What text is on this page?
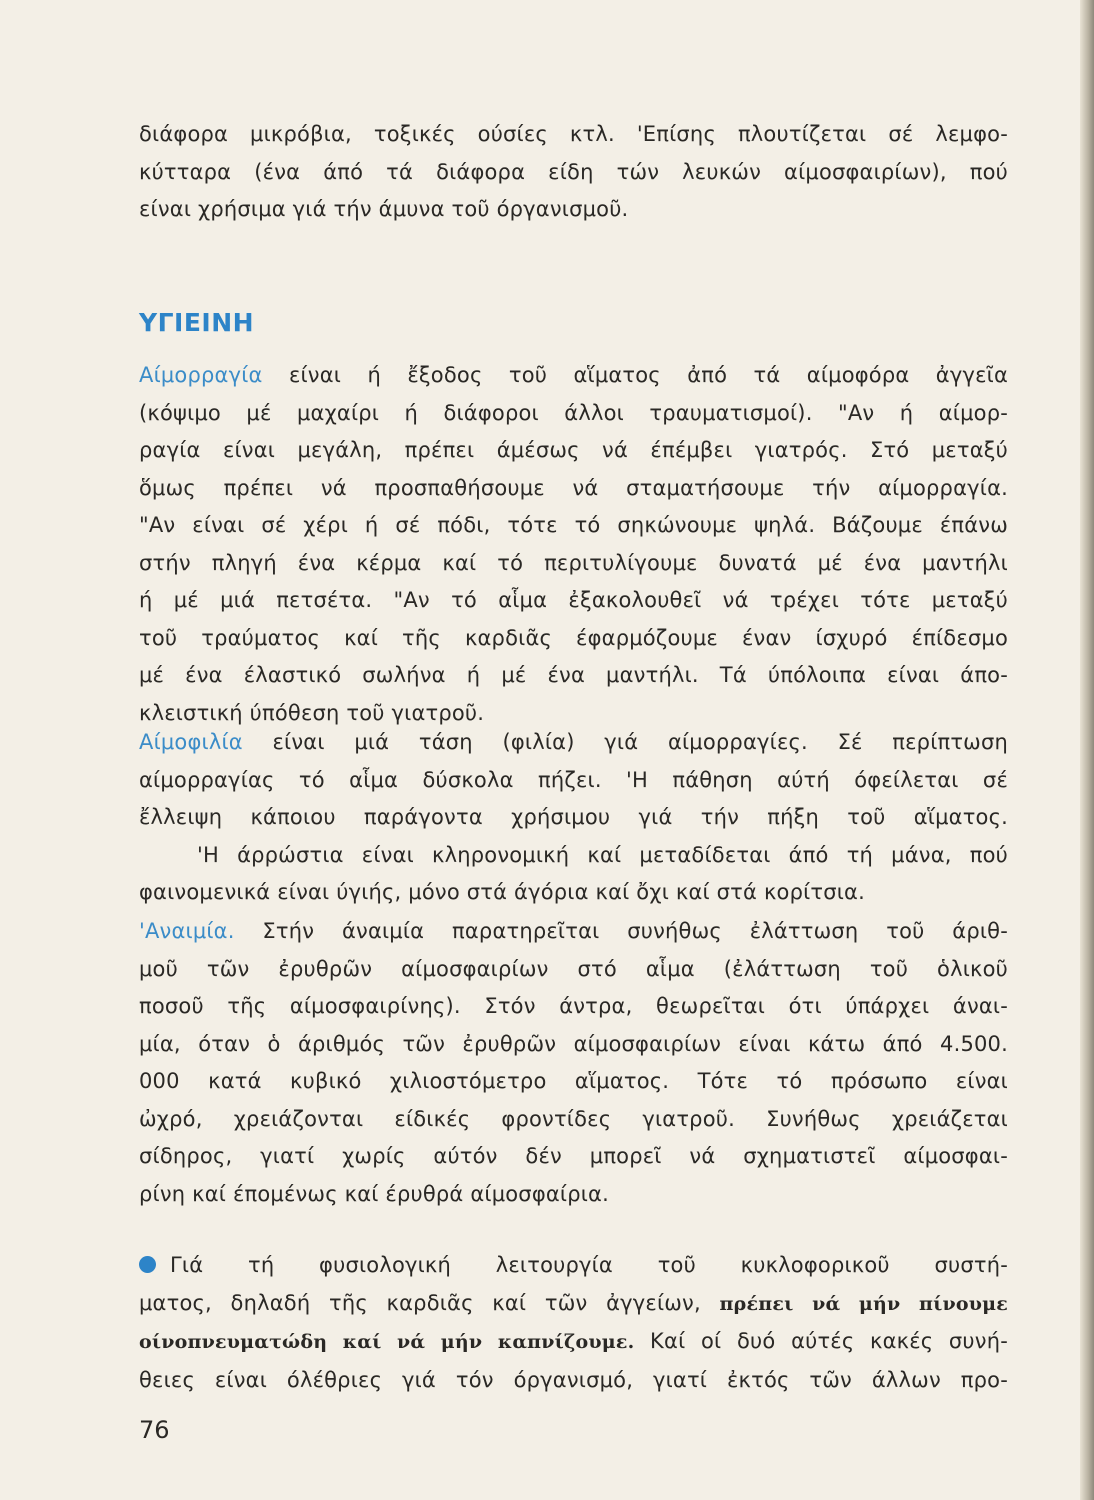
διάφορα μικρόβια, τοξικές ούσίες κτλ. 'Επίσης πλουτίζεται σέ λεμφο-
κύτταρα (ένα άπό τά διάφορα είδη τών λευκών αίμοσφαιρίων), πού
είναι χρήσιμα γιά τήν άμυνα τοῦ όργανισμοῦ.
ΥΓΙΕΙΝΗ
Αίμορραγία είναι ή ἔξοδος τοῦ αἵματος ἀπό τά αίμοφόρα ἀγγεῖα
(κόψιμο μέ μαχαίρι ή διάφοροι άλλοι τραυματισμοί). "Αν ή αίμορ-
ραγία είναι μεγάλη, πρέπει άμέσως νά έπέμβει γιατρός. Στό μεταξύ
ὅμως πρέπει νά προσπαθήσουμε νά σταματήσουμε τήν αίμορραγία.
"Αν είναι σέ χέρι ή σέ πόδι, τότε τό σηκώνουμε ψηλά. Βάζουμε έπάνω
στήν πληγή ένα κέρμα καί τό περιτυλίγουμε δυνατά μέ ένα μαντήλι
ή μέ μιά πετσέτα. "Αν τό αἷμα ἐξακολουθεῖ νά τρέχει τότε μεταξύ
τοῦ τραύματος καί τῆς καρδιᾶς έφαρμόζουμε έναν ίσχυρό έπίδεσμο
μέ ένα έλαστικό σωλήνα ή μέ ένα μαντήλι. Τά ύπόλοιπα είναι άπο-
κλειστική ύπόθεση τοῦ γιατροῦ.
Αίμοφιλία είναι μιά τάση (φιλία) γιά αίμορραγίες. Σέ περίπτωση
αίμορραγίας τό αἷμα δύσκολα πήζει. 'Η πάθηση αύτή όφείλεται σέ
ἔλλειψη κάποιου παράγοντα χρήσιμου γιά τήν πήξη τοῦ αἵματος.
'Η άρρώστια είναι κληρονομική καί μεταδίδεται άπό τή μάνα, πού
φαινομενικά είναι ύγιής, μόνο στά άγόρια καί ὄχι καί στά κορίτσια.
'Αναιμία. Στήν άναιμία παρατηρεῖται συνήθως ἐλάττωση τοῦ άριθ-
μοῦ τῶν ἐρυθρῶν αίμοσφαιρίων στό αἷμα (ἐλάττωση τοῦ ὁλικοῦ
ποσοῦ τῆς αίμοσφαιρίνης). Στόν άντρα, θεωρεῖται ότι ύπάρχει άναι-
μία, όταν ὁ άριθμός τῶν ἐρυθρῶν αίμοσφαιρίων είναι κάτω άπό 4.500.
000 κατά κυβικό χιλιοστόμετρο αἵματος. Τότε τό πρόσωπο είναι
ὠχρό, χρειάζονται είδικές φροντίδες γιατροῦ. Συνήθως χρειάζεται
σίδηρος, γιατί χωρίς αύτόν δέν μπορεῖ νά σχηματιστεῖ αίμοσφαι-
ρίνη καί έπομένως καί έρυθρά αίμοσφαίρια.
Γιά τή φυσιολογική λειτουργία τοῦ κυκλοφορικοῦ συστή-
ματος, δηλαδή τῆς καρδιᾶς καί τῶν ἀγγείων, πρέπει νά μήν πίνουμε
οίνοπνευματώδη καί νά μήν καπνίζουμε. Καί οί δυό αύτές κακές συνή-
θειες είναι όλέθριες γιά τόν όργανισμό, γιατί ἐκτός τῶν άλλων προ-
76
